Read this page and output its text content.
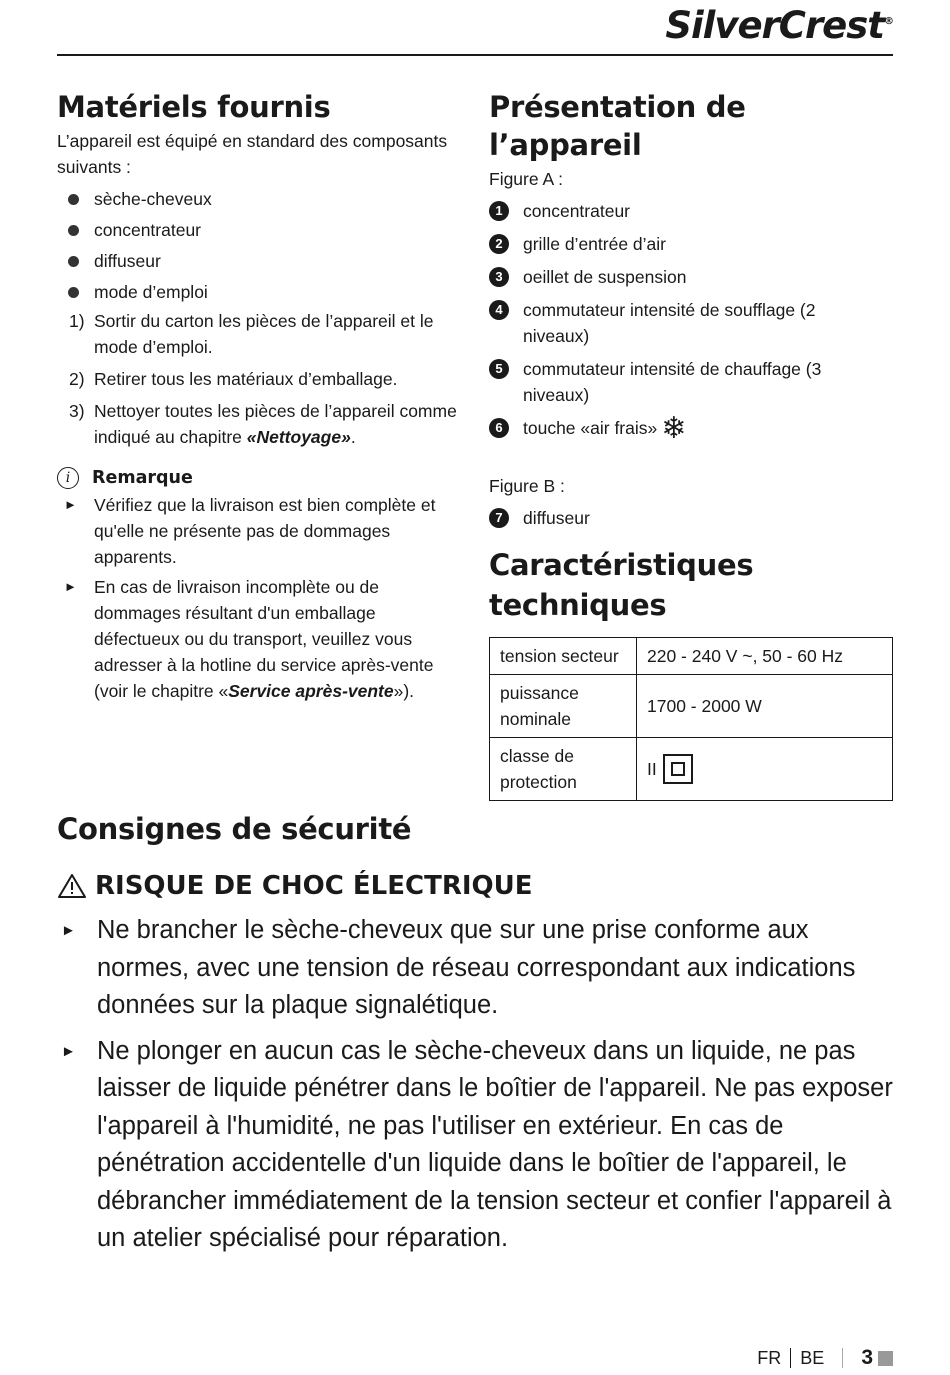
SilverCrest®
Matériels fournis

L’appareil est équipé en standard des composants suivants :

sèche-cheveux
concentrateur
diffuseur
mode d’emploi
1) Sortir du carton les pièces de l’appareil et le mode d’emploi.
2) Retirer tous les matériaux d’emballage.
3) Nettoyer toutes les pièces de l’appareil comme indiqué au chapitre «Nettoyage».
i	Remarque
► Vérifiez que la livraison est bien complète et qu'elle ne présente pas de dommages apparents.
► En cas de livraison incomplète ou de dommages résultant d'un emballage défectueux ou du transport, veuillez vous adresser à la hotline du service après-vente (voir le chapitre «Service après-vente»).
Présentation de l’appareil

Figure A :

1	concentrateur
2	grille d’entrée d’air
3	oeillet de suspension
4	commutateur intensité de soufflage (2 niveaux)
5	commutateur intensité de chauffage (3 niveaux)
6	touche «air frais» ❄

Figure B :

7	diffuseur
Caractéristiques techniques
tension secteur	220 - 240 V ~, 50 - 60 Hz
puissance nominale	1700 - 2000 W
classe de protection	II
Consignes de sécurité
RISQUE DE CHOC ÉLECTRIQUE
► Ne brancher le sèche-cheveux que sur une prise conforme aux normes, avec une tension de réseau correspondant aux indications données sur la plaque signalétique.
► Ne plonger en aucun cas le sèche-cheveux dans un liquide, ne pas laisser de liquide pénétrer dans le boîtier de l'appareil. Ne pas exposer l'appareil à l'humidité, ne pas l'utiliser en extérieur. En cas de pénétration accidentelle d'un liquide dans le boîtier de l'appareil, le débrancher immédiatement de la tension secteur et confier l'appareil à un atelier spécialisé pour réparation.
FR BE 3
